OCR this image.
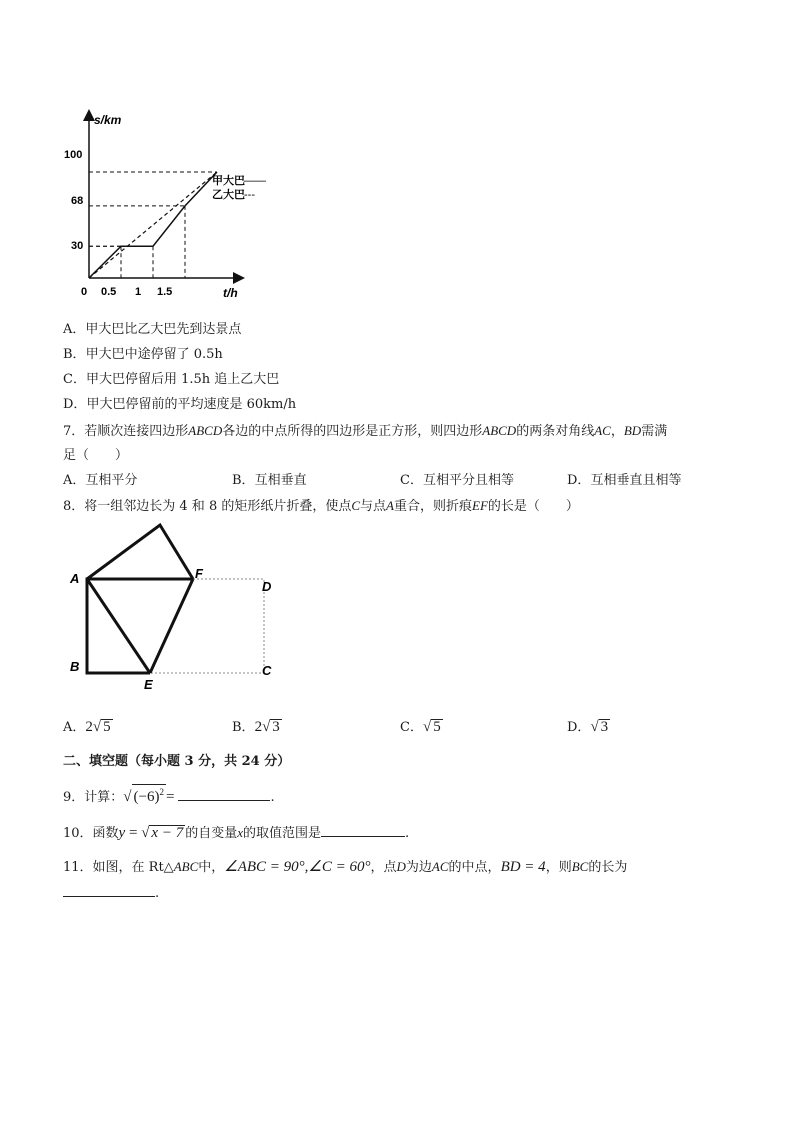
s/km
t/h
0 0.5 1 1.5
30
68
100
甲大巴 ——
乙大巴 ---
A．甲大巴比乙大巴先到达景点
B．甲大巴中途停留了 0.5h
C．甲大巴停留后用 1.5h 追上乙大巴
D．甲大巴停留前的平均速度是 60km/h
7．若顺次连接四边形ABCD各边的中点所得的四边形是正方形，则四边形ABCD的两条对角线AC，BD需满
足（　　）
A．互相平分	B．互相垂直	C．互相平分且相等	D．互相垂直且相等
8．将一组邻边长为 4 和 8 的矩形纸片折叠，使点C与点A重合，则折痕EF的长是（　　）
A
B	C
D
E
F
A．2√ 5	B．2√ 3	C．√ 5	D．√ 3
二、填空题（每小题 3 分，共 24 分）
9．计算：√ $(-6)^2$ =	.
10．函数y = √ x − 7 的自变量x的取值范围是	.
11．如图，在 Rt△ABC中，∠ABC = 90°,∠C = 60°，点D为边AC的中点，BD = 4，则BC的长为
.
